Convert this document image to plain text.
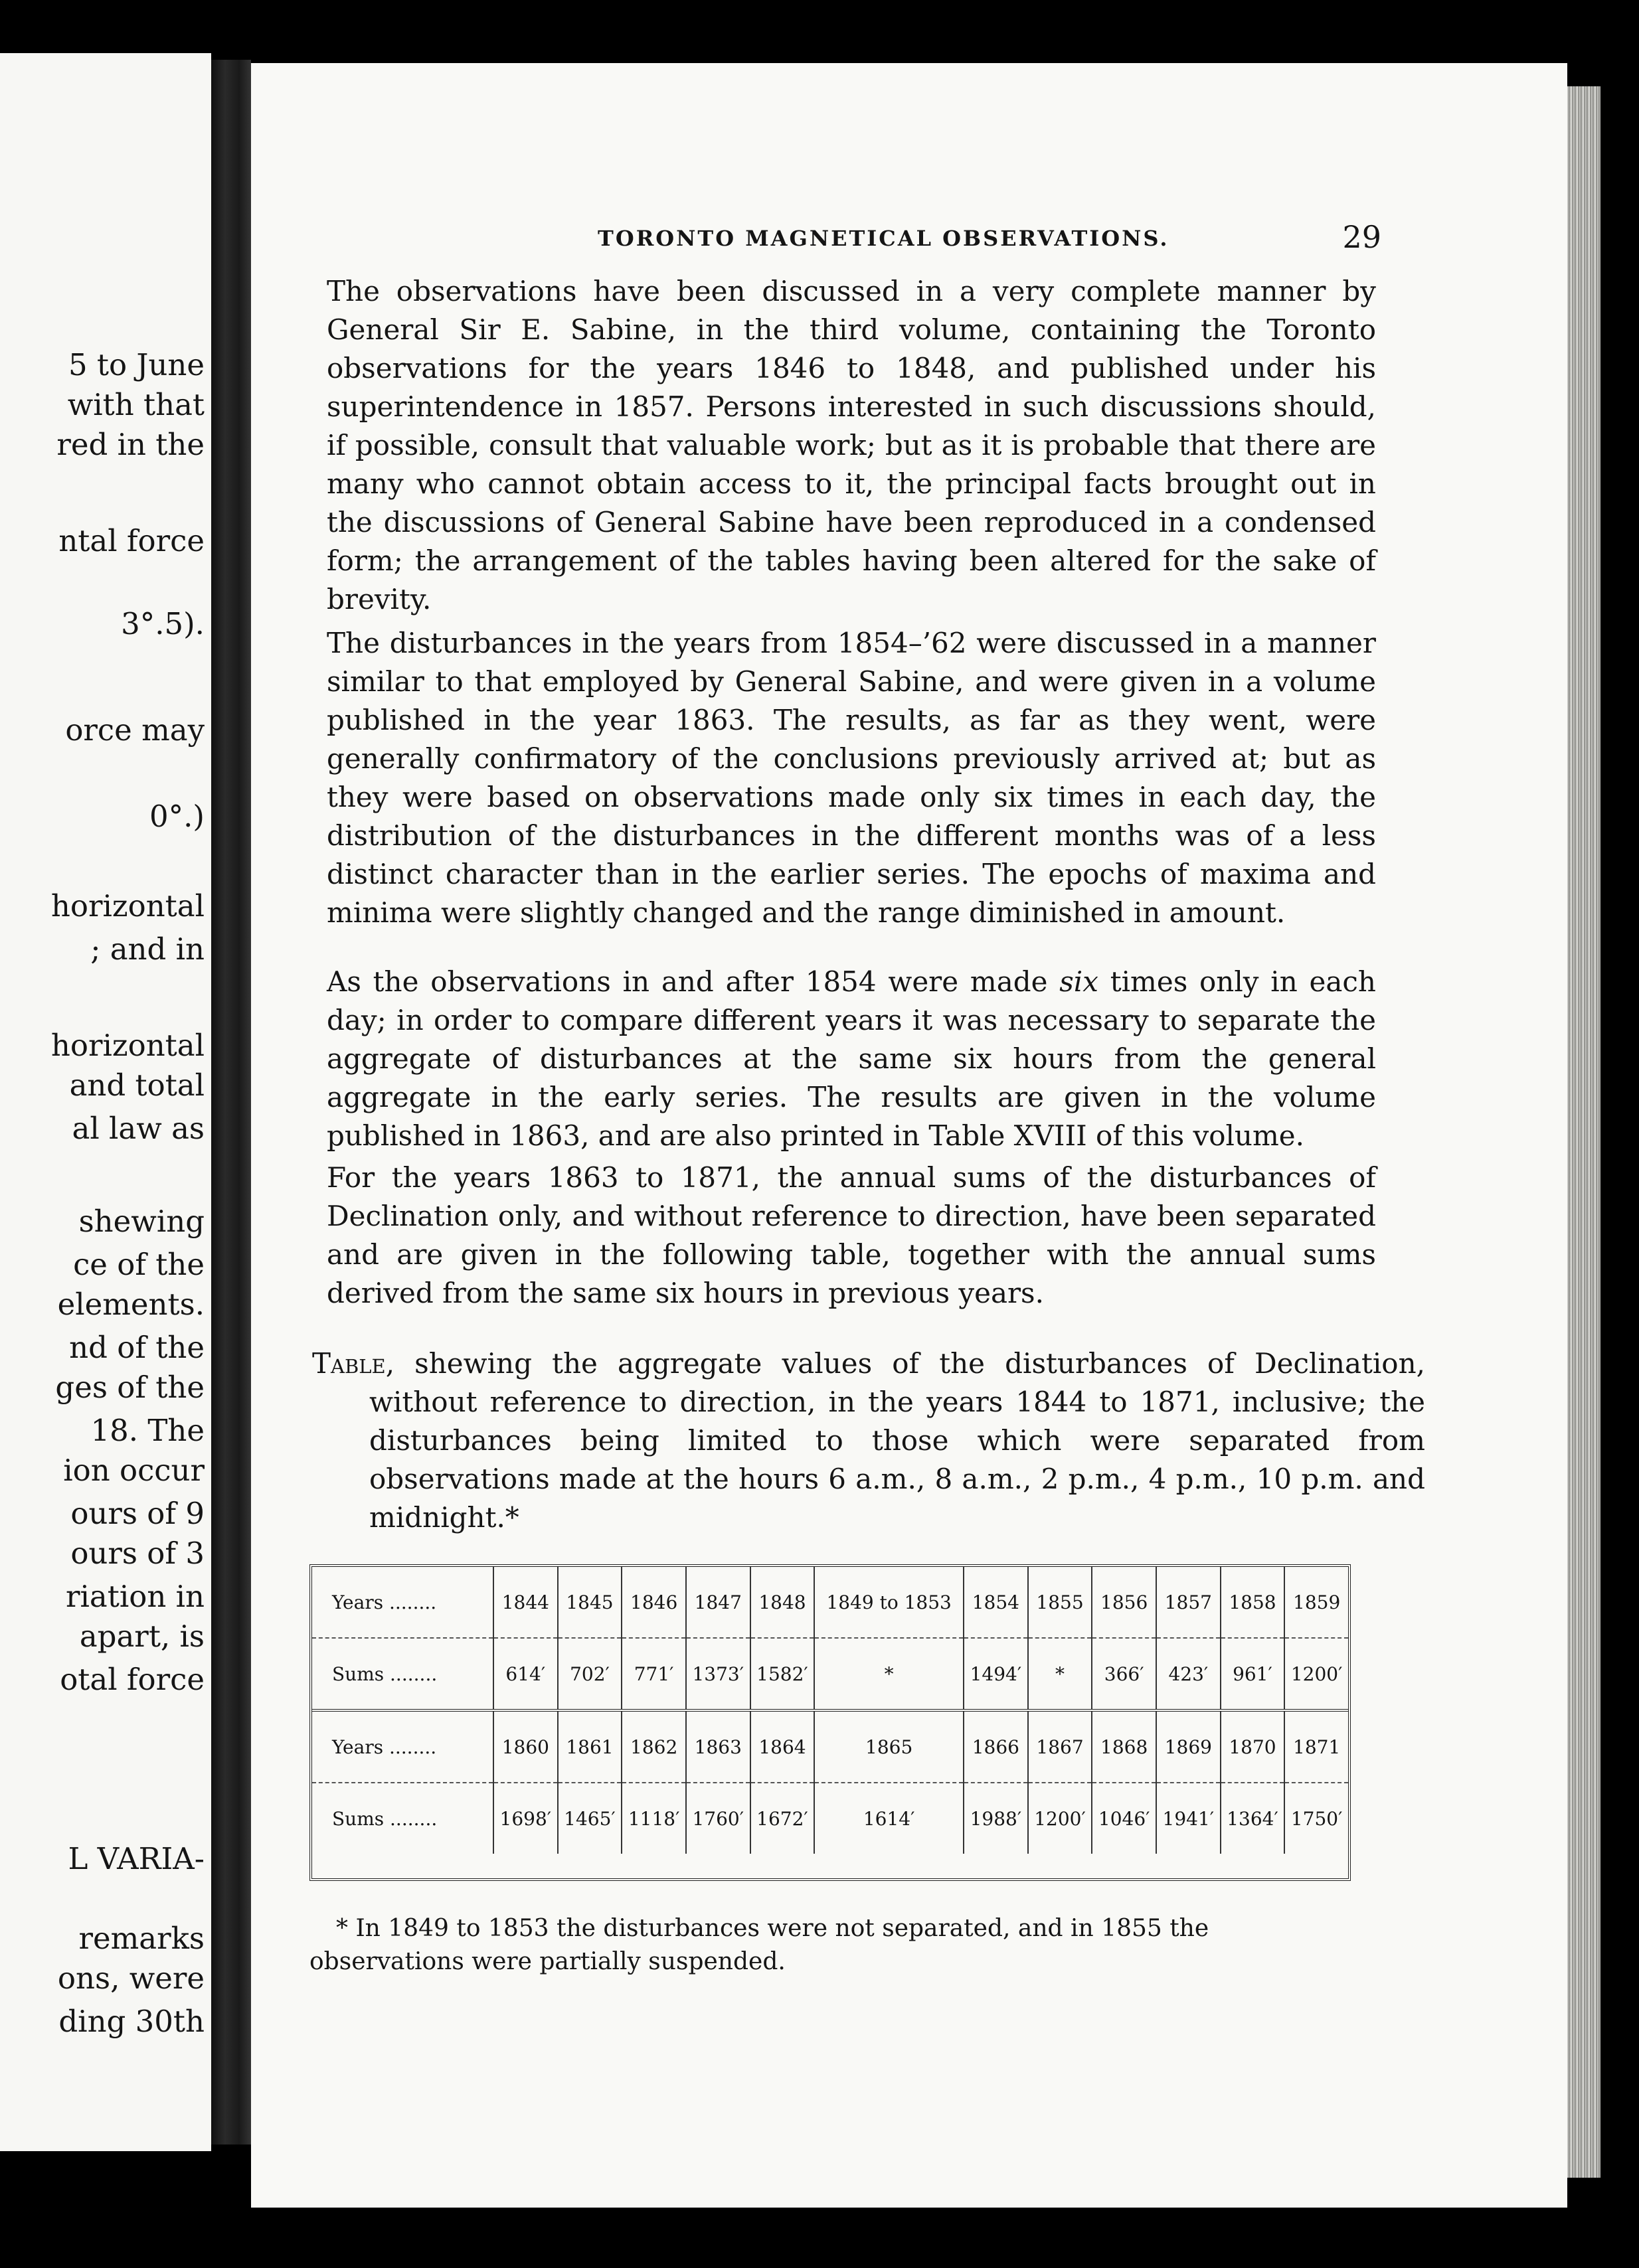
5 to June
with that
red in the
ntal force
3°.5).
orce may
0°.)
horizontal
; and in
horizontal
and total
al law as
shewing
ce of the
elements.
nd of the
ges of the
18. The
ion occur
ours of 9
ours of 3
riation in
apart, is
otal force
L VARIA-
remarks
ons, were
ding 30th
TORONTO MAGNETICAL OBSERVATIONS.	29

The observations have been discussed in a very complete manner by General Sir E. Sabine, in the third volume, containing the Toronto observations for the years 1846 to 1848, and published under his superintendence in 1857. Persons interested in such discussions should, if possible, consult that valuable work; but as it is probable that there are many who cannot obtain access to it, the principal facts brought out in the discussions of General Sabine have been reproduced in a condensed form; the arrangement of the tables having been altered for the sake of brevity.

The disturbances in the years from 1854–’62 were discussed in a manner similar to that employed by General Sabine, and were given in a volume published in the year 1863. The results, as far as they went, were generally confirmatory of the conclusions previously arrived at; but as they were based on observations made only six times in each day, the distribution of the disturbances in the different months was of a less distinct character than in the earlier series. The epochs of maxima and minima were slightly changed and the range diminished in amount.

As the observations in and after 1854 were made six times only in each day; in order to compare different years it was necessary to separate the aggregate of disturbances at the same six hours from the general aggregate in the early series. The results are given in the volume published in 1863, and are also printed in Table XVIII of this volume.

For the years 1863 to 1871, the annual sums of the disturbances of Declination only, and without reference to direction, have been separated and are given in the following table, together with the annual sums derived from the same six hours in previous years.

Table, shewing the aggregate values of the disturbances of Declination, without reference to direction, in the years 1844 to 1871, inclusive; the disturbances being limited to those which were separated from observations made at the hours 6 a.m., 8 a.m., 2 p.m., 4 p.m., 10 p.m. and midnight.*

Years ........	1844	1845	1846	1847	1848	1849 to 1853	1854	1855	1856	1857	1858	1859
Sums ........	614′	702′	771′	1373′	1582′	*	1494′	*	366′	423′	961′	1200′
Years ........	1860	1861	1862	1863	1864	1865	1866	1867	1868	1869	1870	1871
Sums ........	1698′	1465′	1118′	1760′	1672′	1614′	1988′	1200′	1046′	1941′	1364′	1750′

* In 1849 to 1853 the disturbances were not separated, and in 1855 the observations were partially suspended.
